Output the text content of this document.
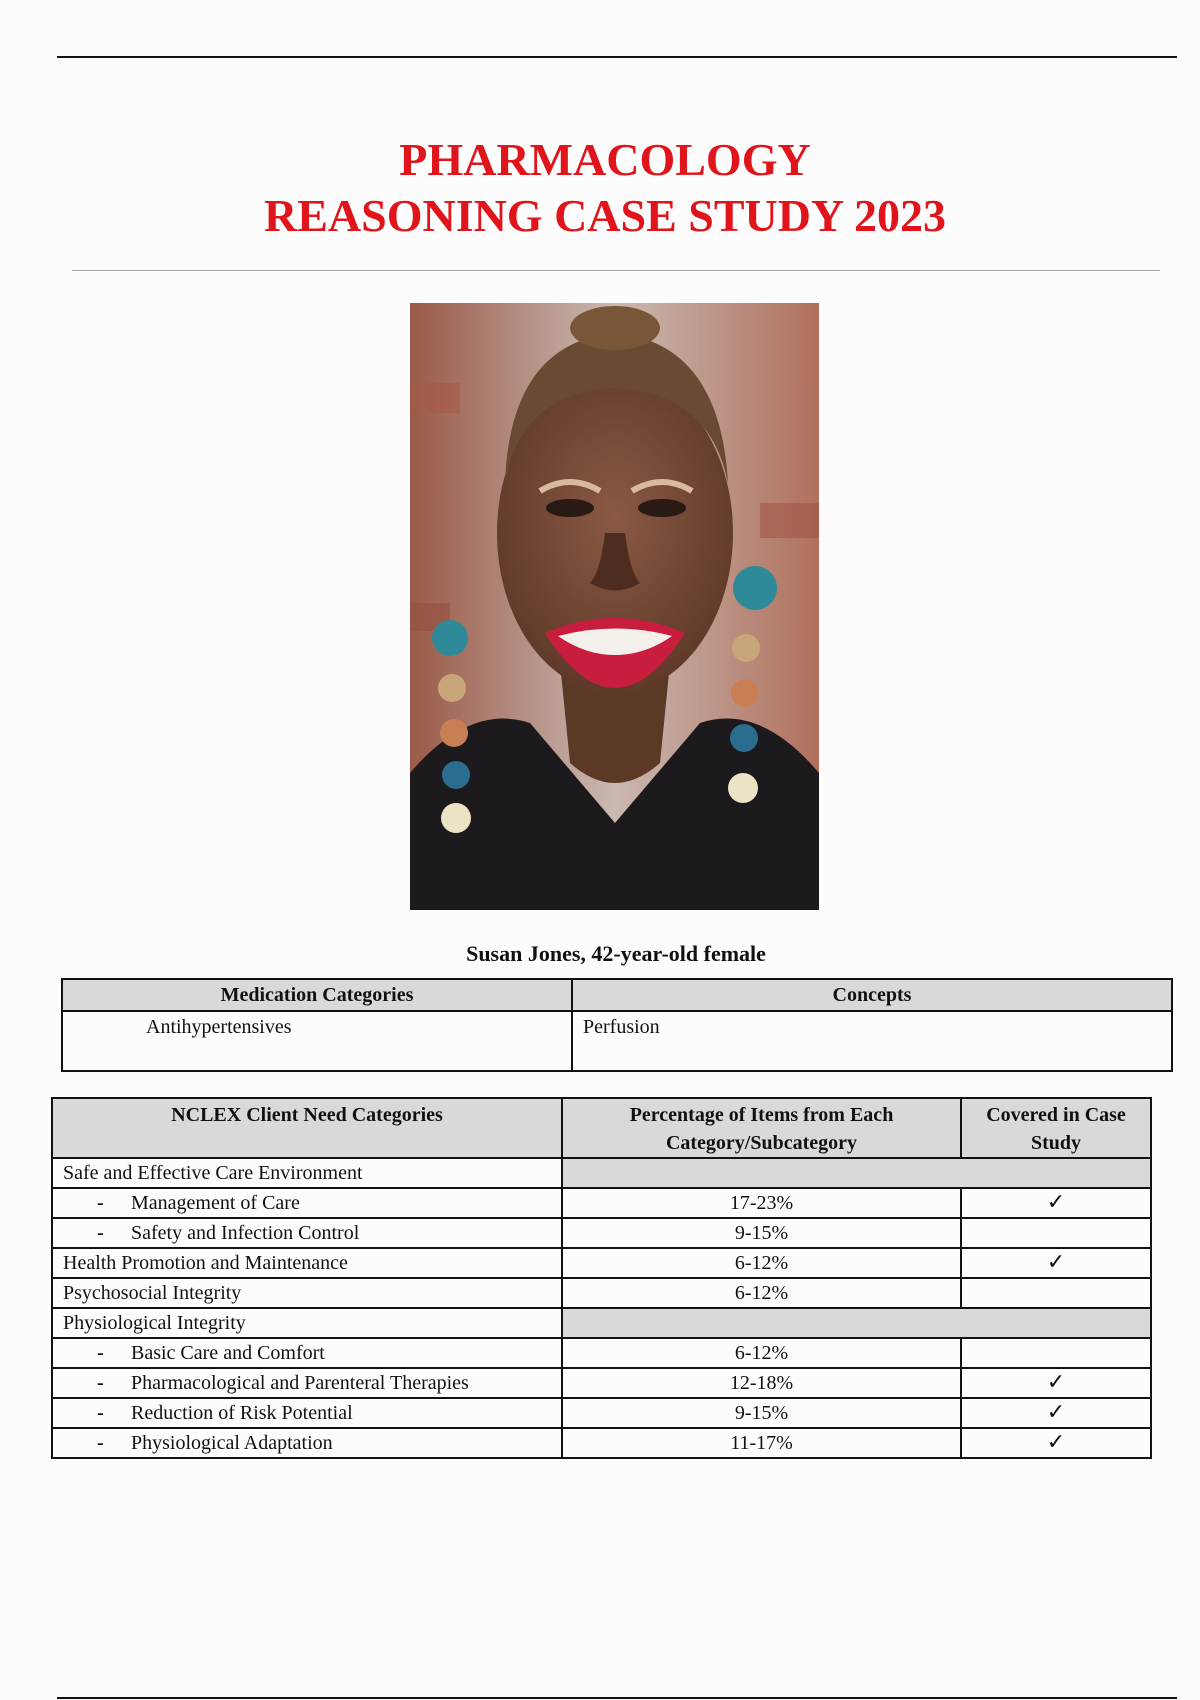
PHARMACOLOGY
REASONING CASE STUDY 2023
Susan Jones, 42-year-old female
Medication Categories	Concepts
Antihypertensives	Perfusion
NCLEX Client Need Categories	Percentage of Items from Each Category/Subcategory	Covered in Case Study
Safe and Effective Care Environment		
- Management of Care	17-23%	✓
- Safety and Infection Control	9-15%	
Health Promotion and Maintenance	6-12%	✓
Psychosocial Integrity	6-12%	
Physiological Integrity		
- Basic Care and Comfort	6-12%	
- Pharmacological and Parenteral Therapies	12-18%	✓
- Reduction of Risk Potential	9-15%	✓
- Physiological Adaptation	11-17%	✓
